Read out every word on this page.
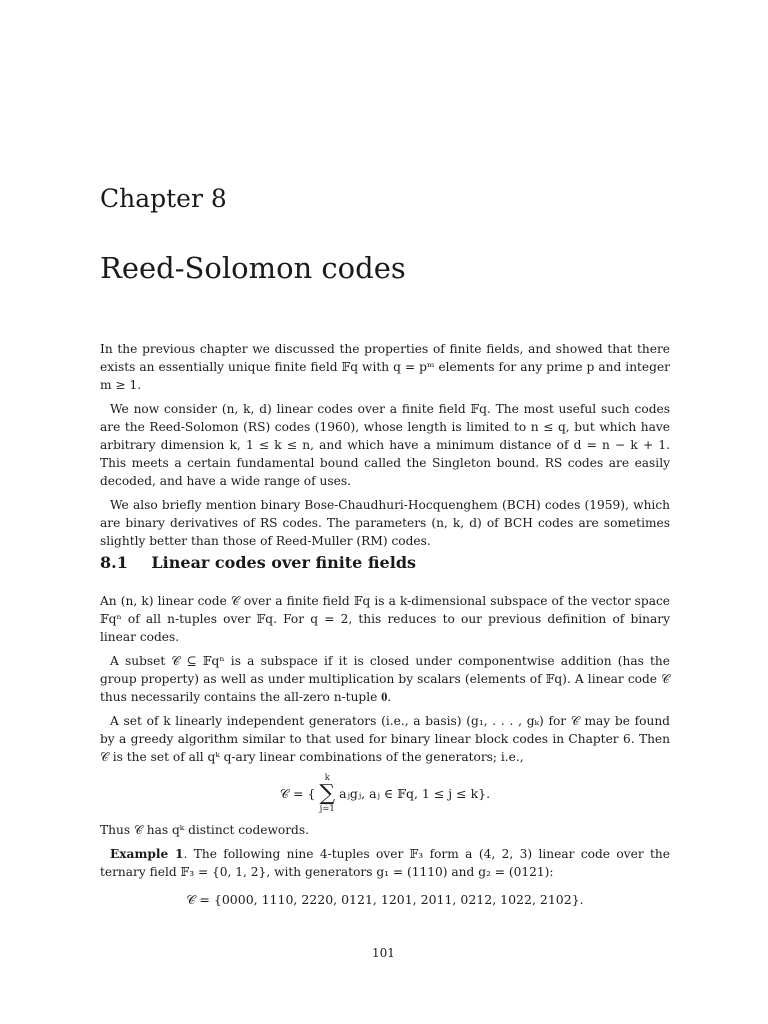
Chapter 8
Reed-Solomon codes

In the previous chapter we discussed the properties of finite fields, and showed that there exists an essentially unique finite field 𝔽q with q = pᵐ elements for any prime p and integer m ≥ 1.

We now consider (n, k, d) linear codes over a finite field 𝔽q. The most useful such codes are the Reed-Solomon (RS) codes (1960), whose length is limited to n ≤ q, but which have arbitrary dimension k, 1 ≤ k ≤ n, and which have a minimum distance of d = n − k + 1. This meets a certain fundamental bound called the Singleton bound. RS codes are easily decoded, and have a wide range of uses.

We also briefly mention binary Bose-Chaudhuri-Hocquenghem (BCH) codes (1959), which are binary derivatives of RS codes. The parameters (n, k, d) of BCH codes are sometimes slightly better than those of Reed-Muller (RM) codes.

8.1 Linear codes over finite fields

An (n, k) linear code 𝒞 over a finite field 𝔽q is a k-dimensional subspace of the vector space 𝔽qⁿ of all n-tuples over 𝔽q. For q = 2, this reduces to our previous definition of binary linear codes.

A subset 𝒞 ⊆ 𝔽qⁿ is a subspace if it is closed under componentwise addition (has the group property) as well as under multiplication by scalars (elements of 𝔽q). A linear code 𝒞 thus necessarily contains the all-zero n-tuple 𝟎.

A set of k linearly independent generators (i.e., a basis) (g₁, . . . , gₖ) for 𝒞 may be found by a greedy algorithm similar to that used for binary linear block codes in Chapter 6. Then 𝒞 is the set of all qᵏ q-ary linear combinations of the generators; i.e.,

𝒞 = {
k
∑
j=1
aⱼgⱼ, aⱼ ∈ 𝔽q, 1 ≤ j ≤ k}.

Thus 𝒞 has qᵏ distinct codewords.

Example 1. The following nine 4-tuples over 𝔽₃ form a (4, 2, 3) linear code over the ternary field 𝔽₃ = {0, 1, 2}, with generators g₁ = (1110) and g₂ = (0121):

𝒞 = {0000, 1110, 2220, 0121, 1201, 2011, 0212, 1022, 2102}.
101
